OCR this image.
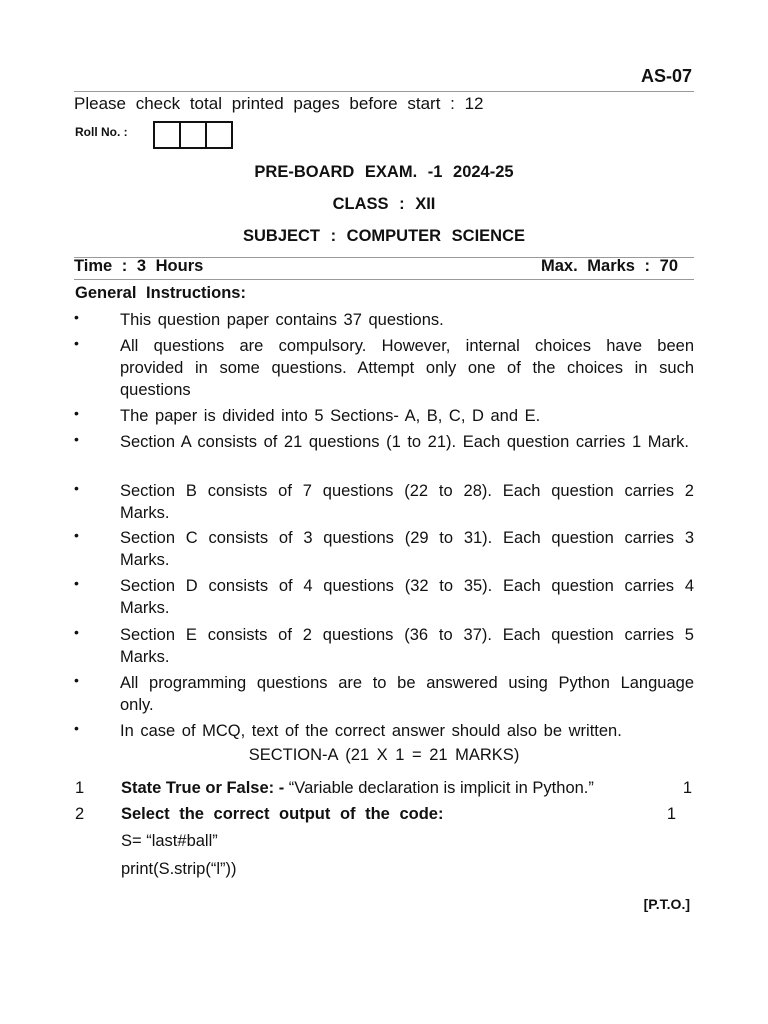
AS-07
Please check total printed pages before start : 12
Roll No. :
PRE-BOARD EXAM. -1 2024-25
CLASS : XII
SUBJECT : COMPUTER SCIENCE
Time : 3 Hours	Max. Marks : 70
General Instructions:
• This question paper contains 37 questions.
• All questions are compulsory. However, internal choices have been provided in some questions. Attempt only one of the choices in such questions
• The paper is divided into 5 Sections- A, B, C, D and E.
• Section A consists of 21 questions (1 to 21). Each question carries 1 Mark.
• Section B consists of 7 questions (22 to 28). Each question carries 2 Marks.
• Section C consists of 3 questions (29 to 31). Each question carries 3 Marks.
• Section D consists of 4 questions (32 to 35). Each question carries 4 Marks.
• Section E consists of 2 questions (36 to 37). Each question carries 5 Marks.
• All programming questions are to be answered using Python Language only.
• In case of MCQ, text of the correct answer should also be written.
SECTION-A (21 X 1 = 21 MARKS)
1 State True or False: - “Variable declaration is implicit in Python.”	1
2 Select the correct output of the code:	1
S= “last#ball”
print(S.strip(“l”))
[P.T.O.]
